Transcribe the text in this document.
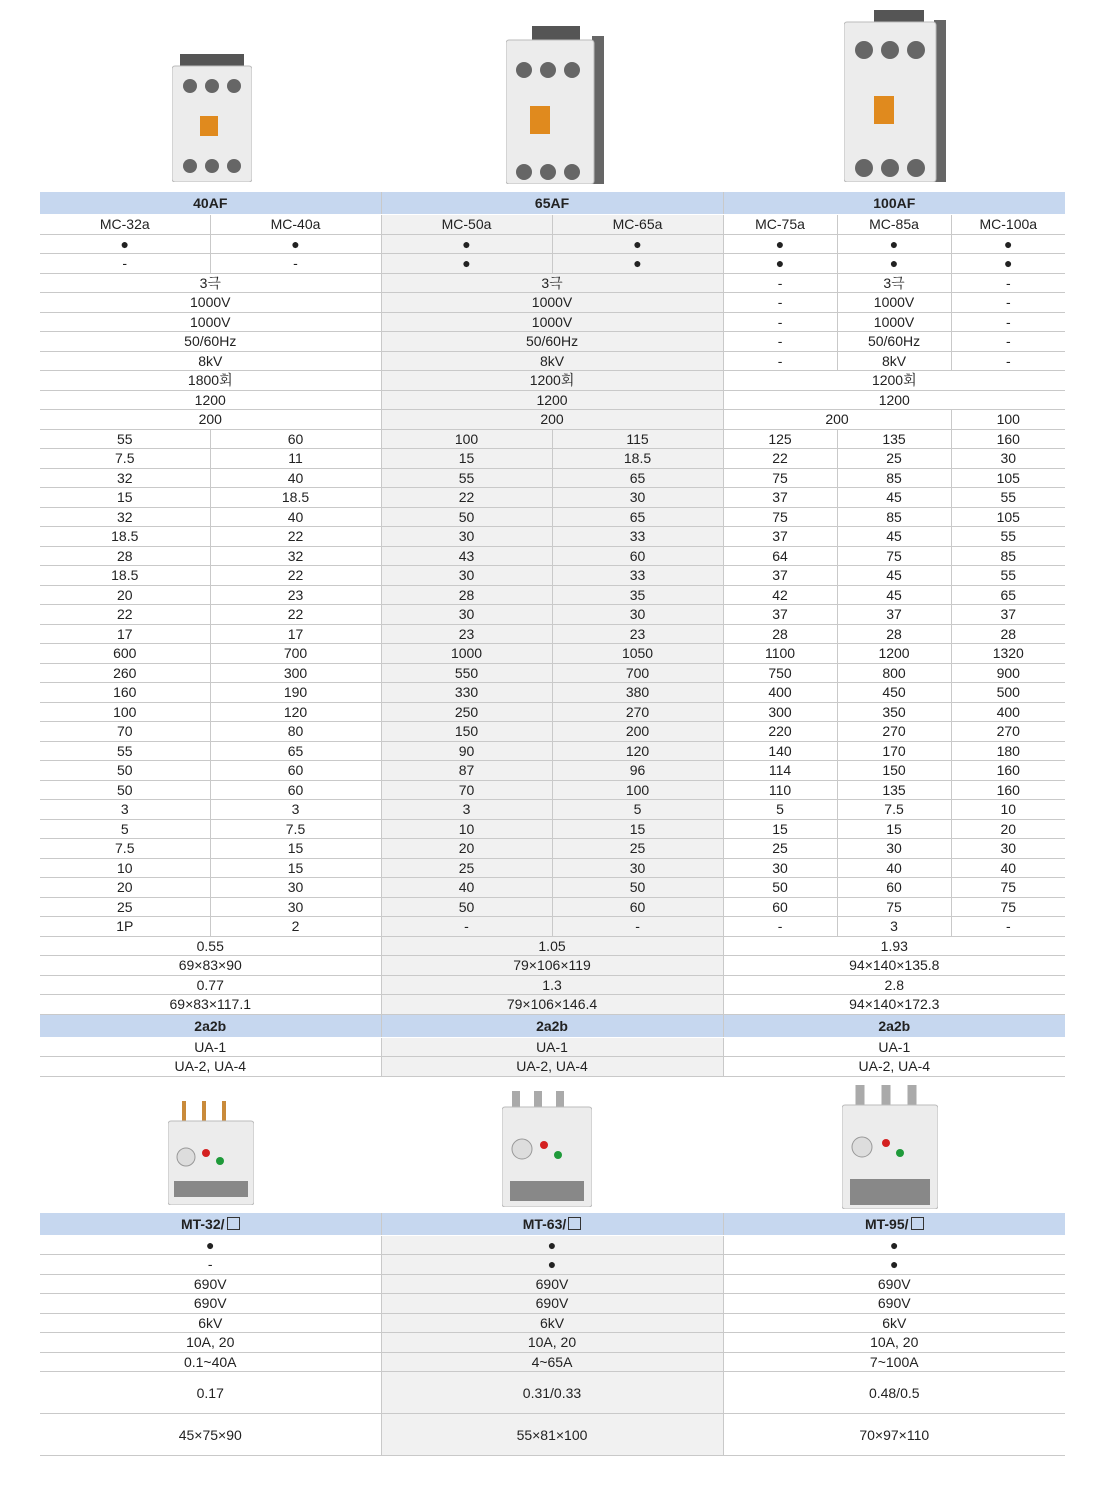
40AF		65AF		100AF		
MC-32a	MC-40a	MC-50a	MC-65a	MC-75a	MC-85a	MC-100a
●	●	●	●	●	●	●
-	-	●	●	●	●	●
3극		3극		-	3극	-
1000V		1000V		-	1000V	-
1000V		1000V		-	1000V	-
50/60Hz		50/60Hz		-	50/60Hz	-
8kV		8kV		-	8kV	-
1800회		1200회		1200회		
1200		1200		1200		
200		200		200		100
55	60	100	115	125	135	160
7.5	11	15	18.5	22	25	30
32	40	55	65	75	85	105
15	18.5	22	30	37	45	55
32	40	50	65	75	85	105
18.5	22	30	33	37	45	55
28	32	43	60	64	75	85
18.5	22	30	33	37	45	55
20	23	28	35	42	45	65
22	22	30	30	37	37	37
17	17	23	23	28	28	28
600	700	1000	1050	1100	1200	1320
260	300	550	700	750	800	900
160	190	330	380	400	450	500
100	120	250	270	300	350	400
70	80	150	200	220	270	270
55	65	90	120	140	170	180
50	60	87	96	114	150	160
50	60	70	100	110	135	160
3	3	3	5	5	7.5	10
5	7.5	10	15	15	15	20
7.5	15	20	25	25	30	30
10	15	25	30	30	40	40
20	30	40	50	50	60	75
25	30	50	60	60	75	75
1P	2	-	-	-	3	-
0.55		1.05		1.93		
69×83×90		79×106×119		94×140×135.8		
0.77		1.3		2.8		
69×83×117.1		79×106×146.4		94×140×172.3		
2a2b		2a2b		2a2b		
UA-1		UA-1		UA-1		
UA-2, UA-4		UA-2, UA-4		UA-2, UA-4		
MT-32/	MT-63/	MT-95/
●	●	●
-	●	●
690V	690V	690V
690V	690V	690V
6kV	6kV	6kV
10A, 20	10A, 20	10A, 20
0.1~40A	4~65A	7~100A
0.17	0.31/0.33	0.48/0.5
45×75×90	55×81×100	70×97×110
